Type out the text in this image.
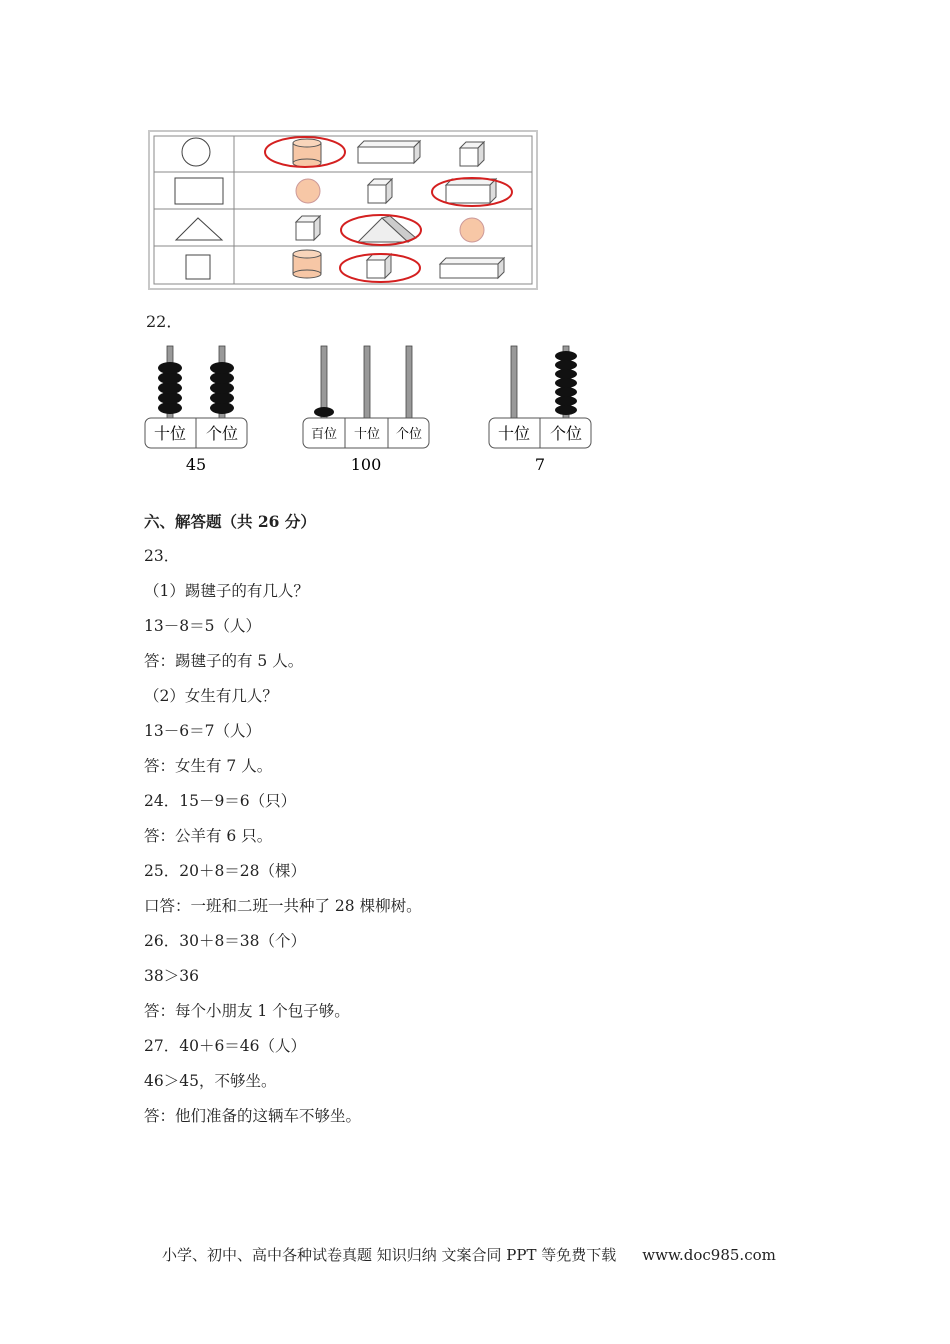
22．
十位 个位
45
百位 十位 个位
100
十位 个位
7
六、解答题（共 26 分）
23．
（1）踢毽子的有几人？
13－8＝5（人）
答：踢毽子的有 5 人。
（2）女生有几人？
13－6＝7（人）
答：女生有 7 人。
24．15－9＝6（只）
答：公羊有 6 只。
25．20＋8＝28（棵）
口答：一班和二班一共种了 28 棵柳树。
26．30＋8＝38（个）
38＞36
答：每个小朋友 1 个包子够。
27．40＋6＝46（人）
46＞45，不够坐。
答：他们准备的这辆车不够坐。
小学、初中、高中各种试卷真题 知识归纳 文案合同 PPT 等免费下载 www.doc985.com
